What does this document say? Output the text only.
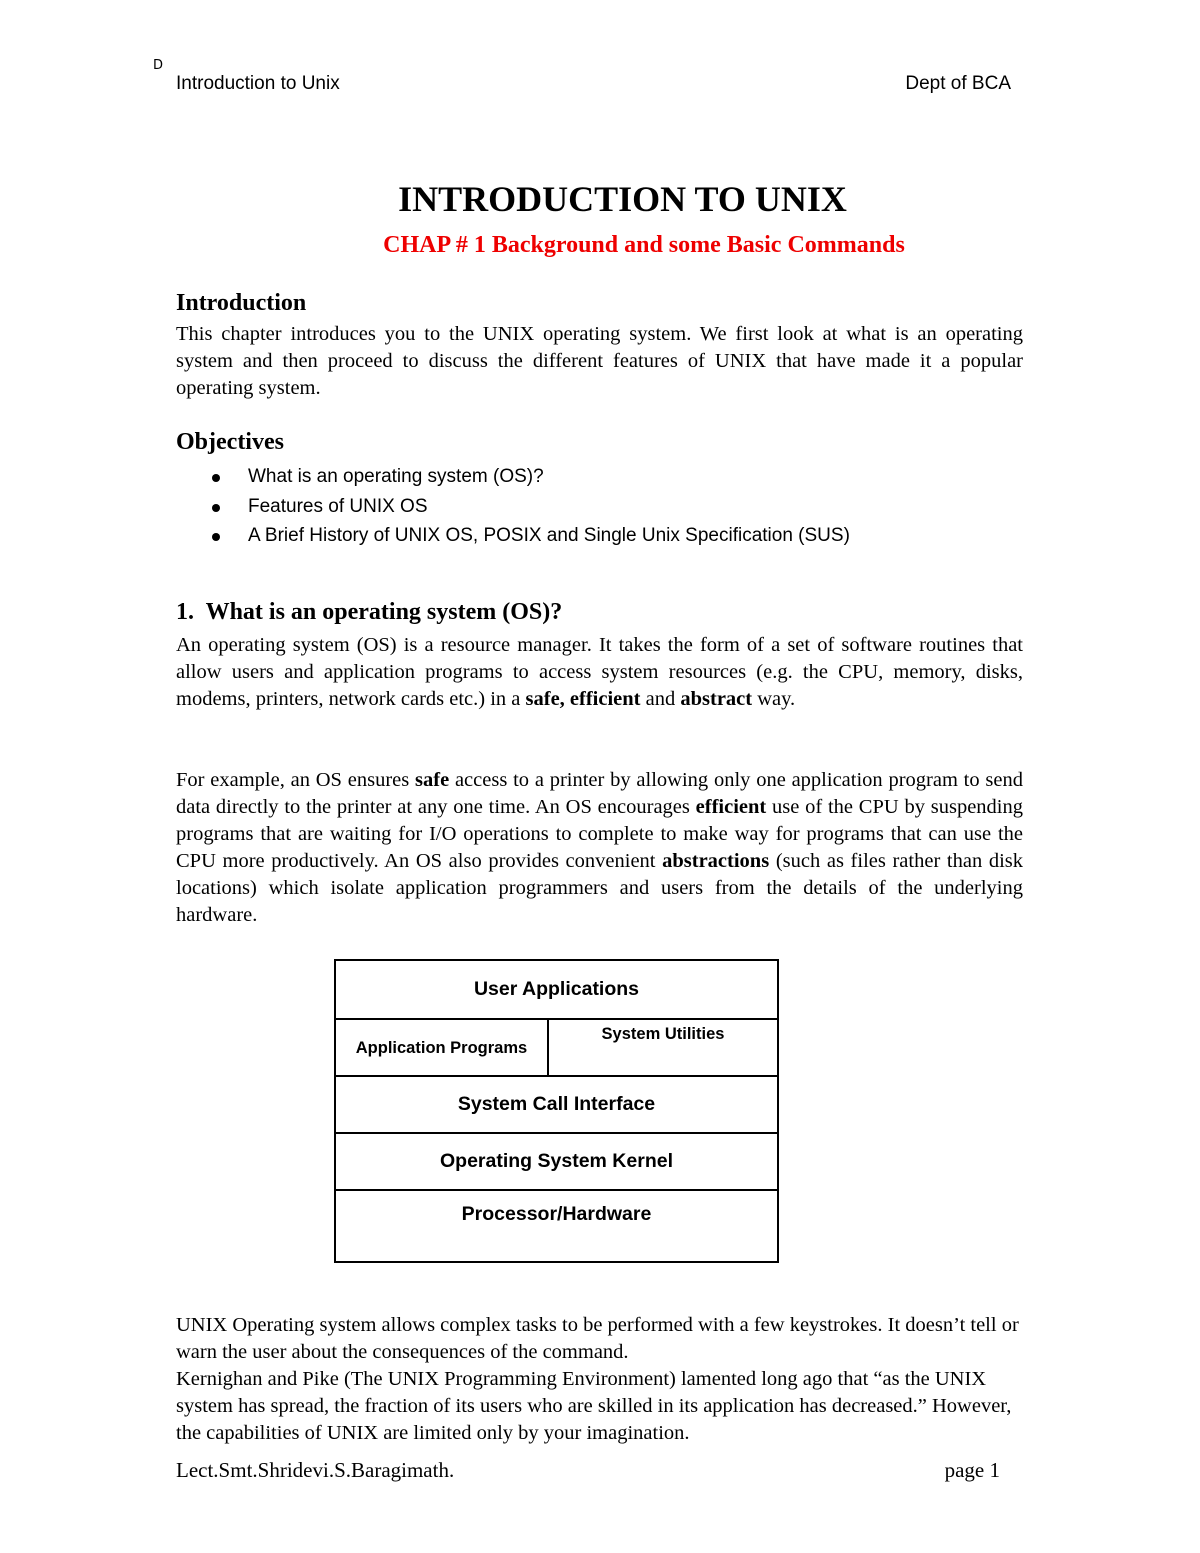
D
Introduction to Unix	Dept of BCA
INTRODUCTION TO UNIX
CHAP # 1 Background and some Basic Commands
Introduction
This chapter introduces you to the UNIX operating system. We first look at what is an operating system and then proceed to discuss the different features of UNIX that have made it a popular operating system.
Objectives
What is an operating system (OS)?
Features of UNIX OS
A Brief History of UNIX OS, POSIX and Single Unix Specification (SUS)
1. What is an operating system (OS)?
An operating system (OS) is a resource manager. It takes the form of a set of software routines that allow users and application programs to access system resources (e.g. the CPU, memory, disks, modems, printers, network cards etc.) in a safe, efficient and abstract way.
For example, an OS ensures safe access to a printer by allowing only one application program to send data directly to the printer at any one time. An OS encourages efficient use of the CPU by suspending programs that are waiting for I/O operations to complete to make way for programs that can use the CPU more productively. An OS also provides convenient abstractions (such as files rather than disk locations) which isolate application programmers and users from the details of the underlying hardware.
User Applications
Application Programs
System Utilities
System Call Interface
Operating System Kernel
Processor/Hardware
UNIX Operating system allows complex tasks to be performed with a few keystrokes. It doesn’t tell or warn the user about the consequences of the command.
Kernighan and Pike (The UNIX Programming Environment) lamented long ago that “as the UNIX system has spread, the fraction of its users who are skilled in its application has decreased.” However, the capabilities of UNIX are limited only by your imagination.
Lect.Smt.Shridevi.S.Baragimath.	page 1
